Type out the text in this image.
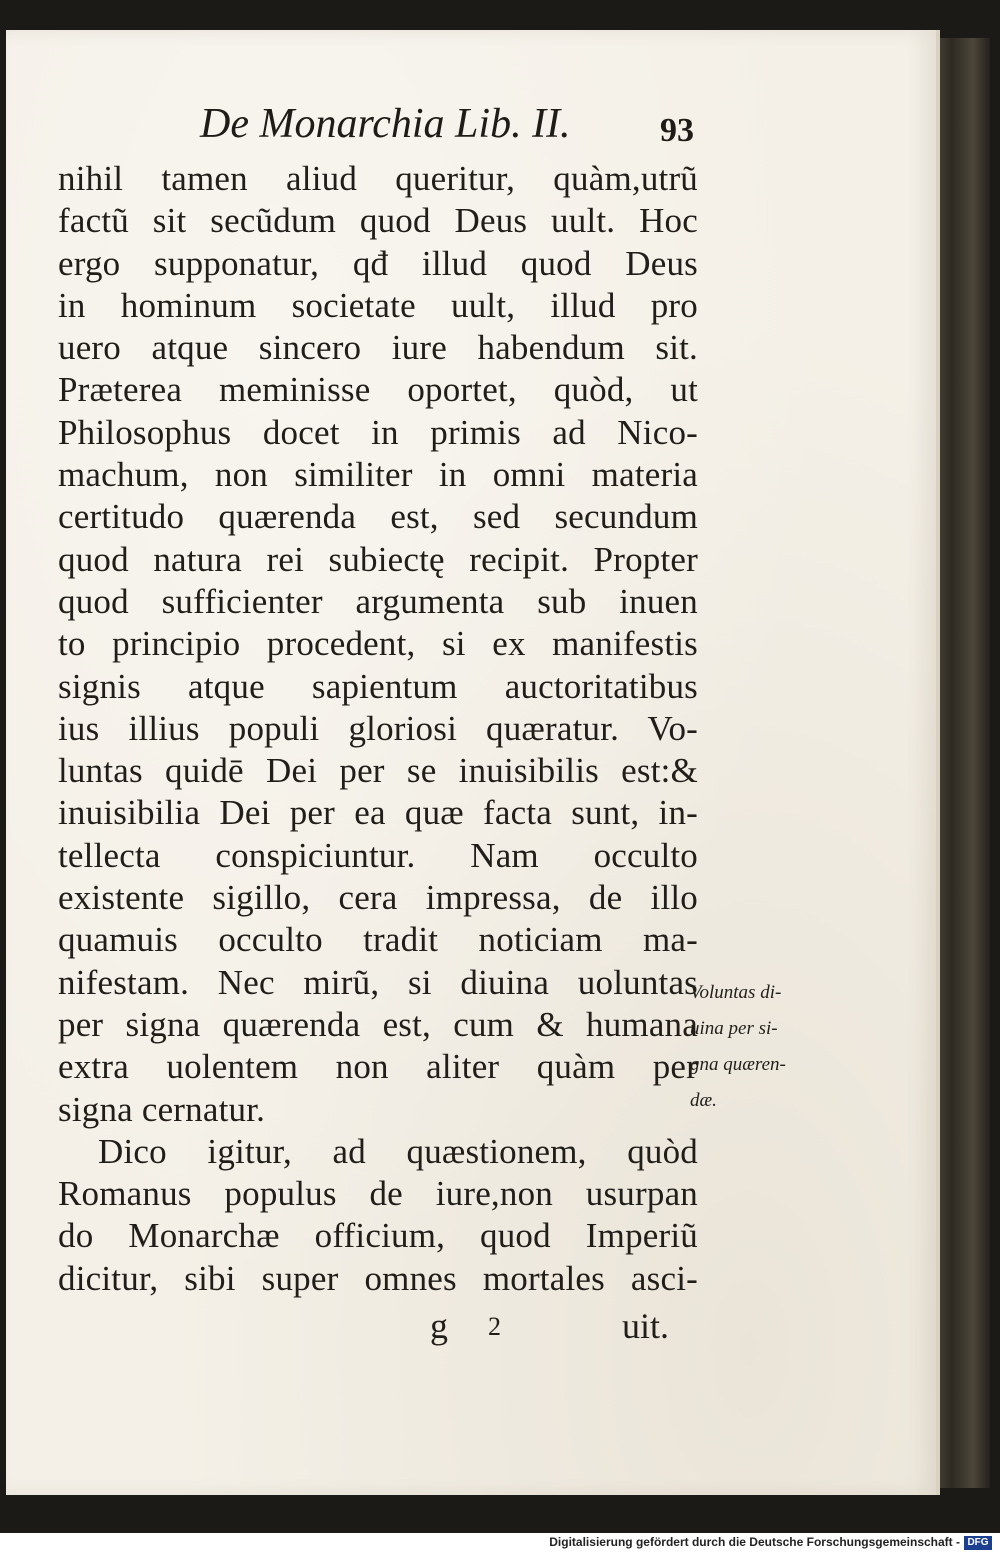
De Monarchia Lib. II.	93
nihil tamen aliud queritur, quàm,utrũ
factũ sit secũdum quod Deus uult. Hoc
ergo supponatur, qđ illud quod Deus
in hominum societate uult, illud pro
uero atque sincero iure habendum sit.
Præterea meminisse oportet, quòd, ut
Philosophus docet in primis ad Nico-
machum, non similiter in omni materia
certitudo quærenda est, sed secundum
quod natura rei subiectę recipit. Propter
quod sufficienter argumenta sub inuen
to principio procedent, si ex manifestis
signis atque sapientum auctoritatibus
ius illius populi gloriosi quæratur. Vo-
luntas quidē Dei per se inuisibilis est:&
inuisibilia Dei per ea quæ facta sunt, in-
tellecta conspiciuntur. Nam occulto
existente sigillo, cera impressa, de illo
quamuis occulto tradit noticiam ma-
nifestam. Nec mirũ, si diuina uoluntas
per signa quærenda est, cum & humana
extra uolentem non aliter quàm per
signa cernatur.
Dico igitur, ad quæstionem, quòd
Romanus populus de iure,non usurpan
do Monarchæ officium, quod Imperiũ
dicitur, sibi super omnes mortales asci-
Voluntas di-
uina per si-
gna quæren-
dæ.
g 2	uit.
Digitalisierung gefördert durch die Deutsche Forschungsgemeinschaft - DFG
